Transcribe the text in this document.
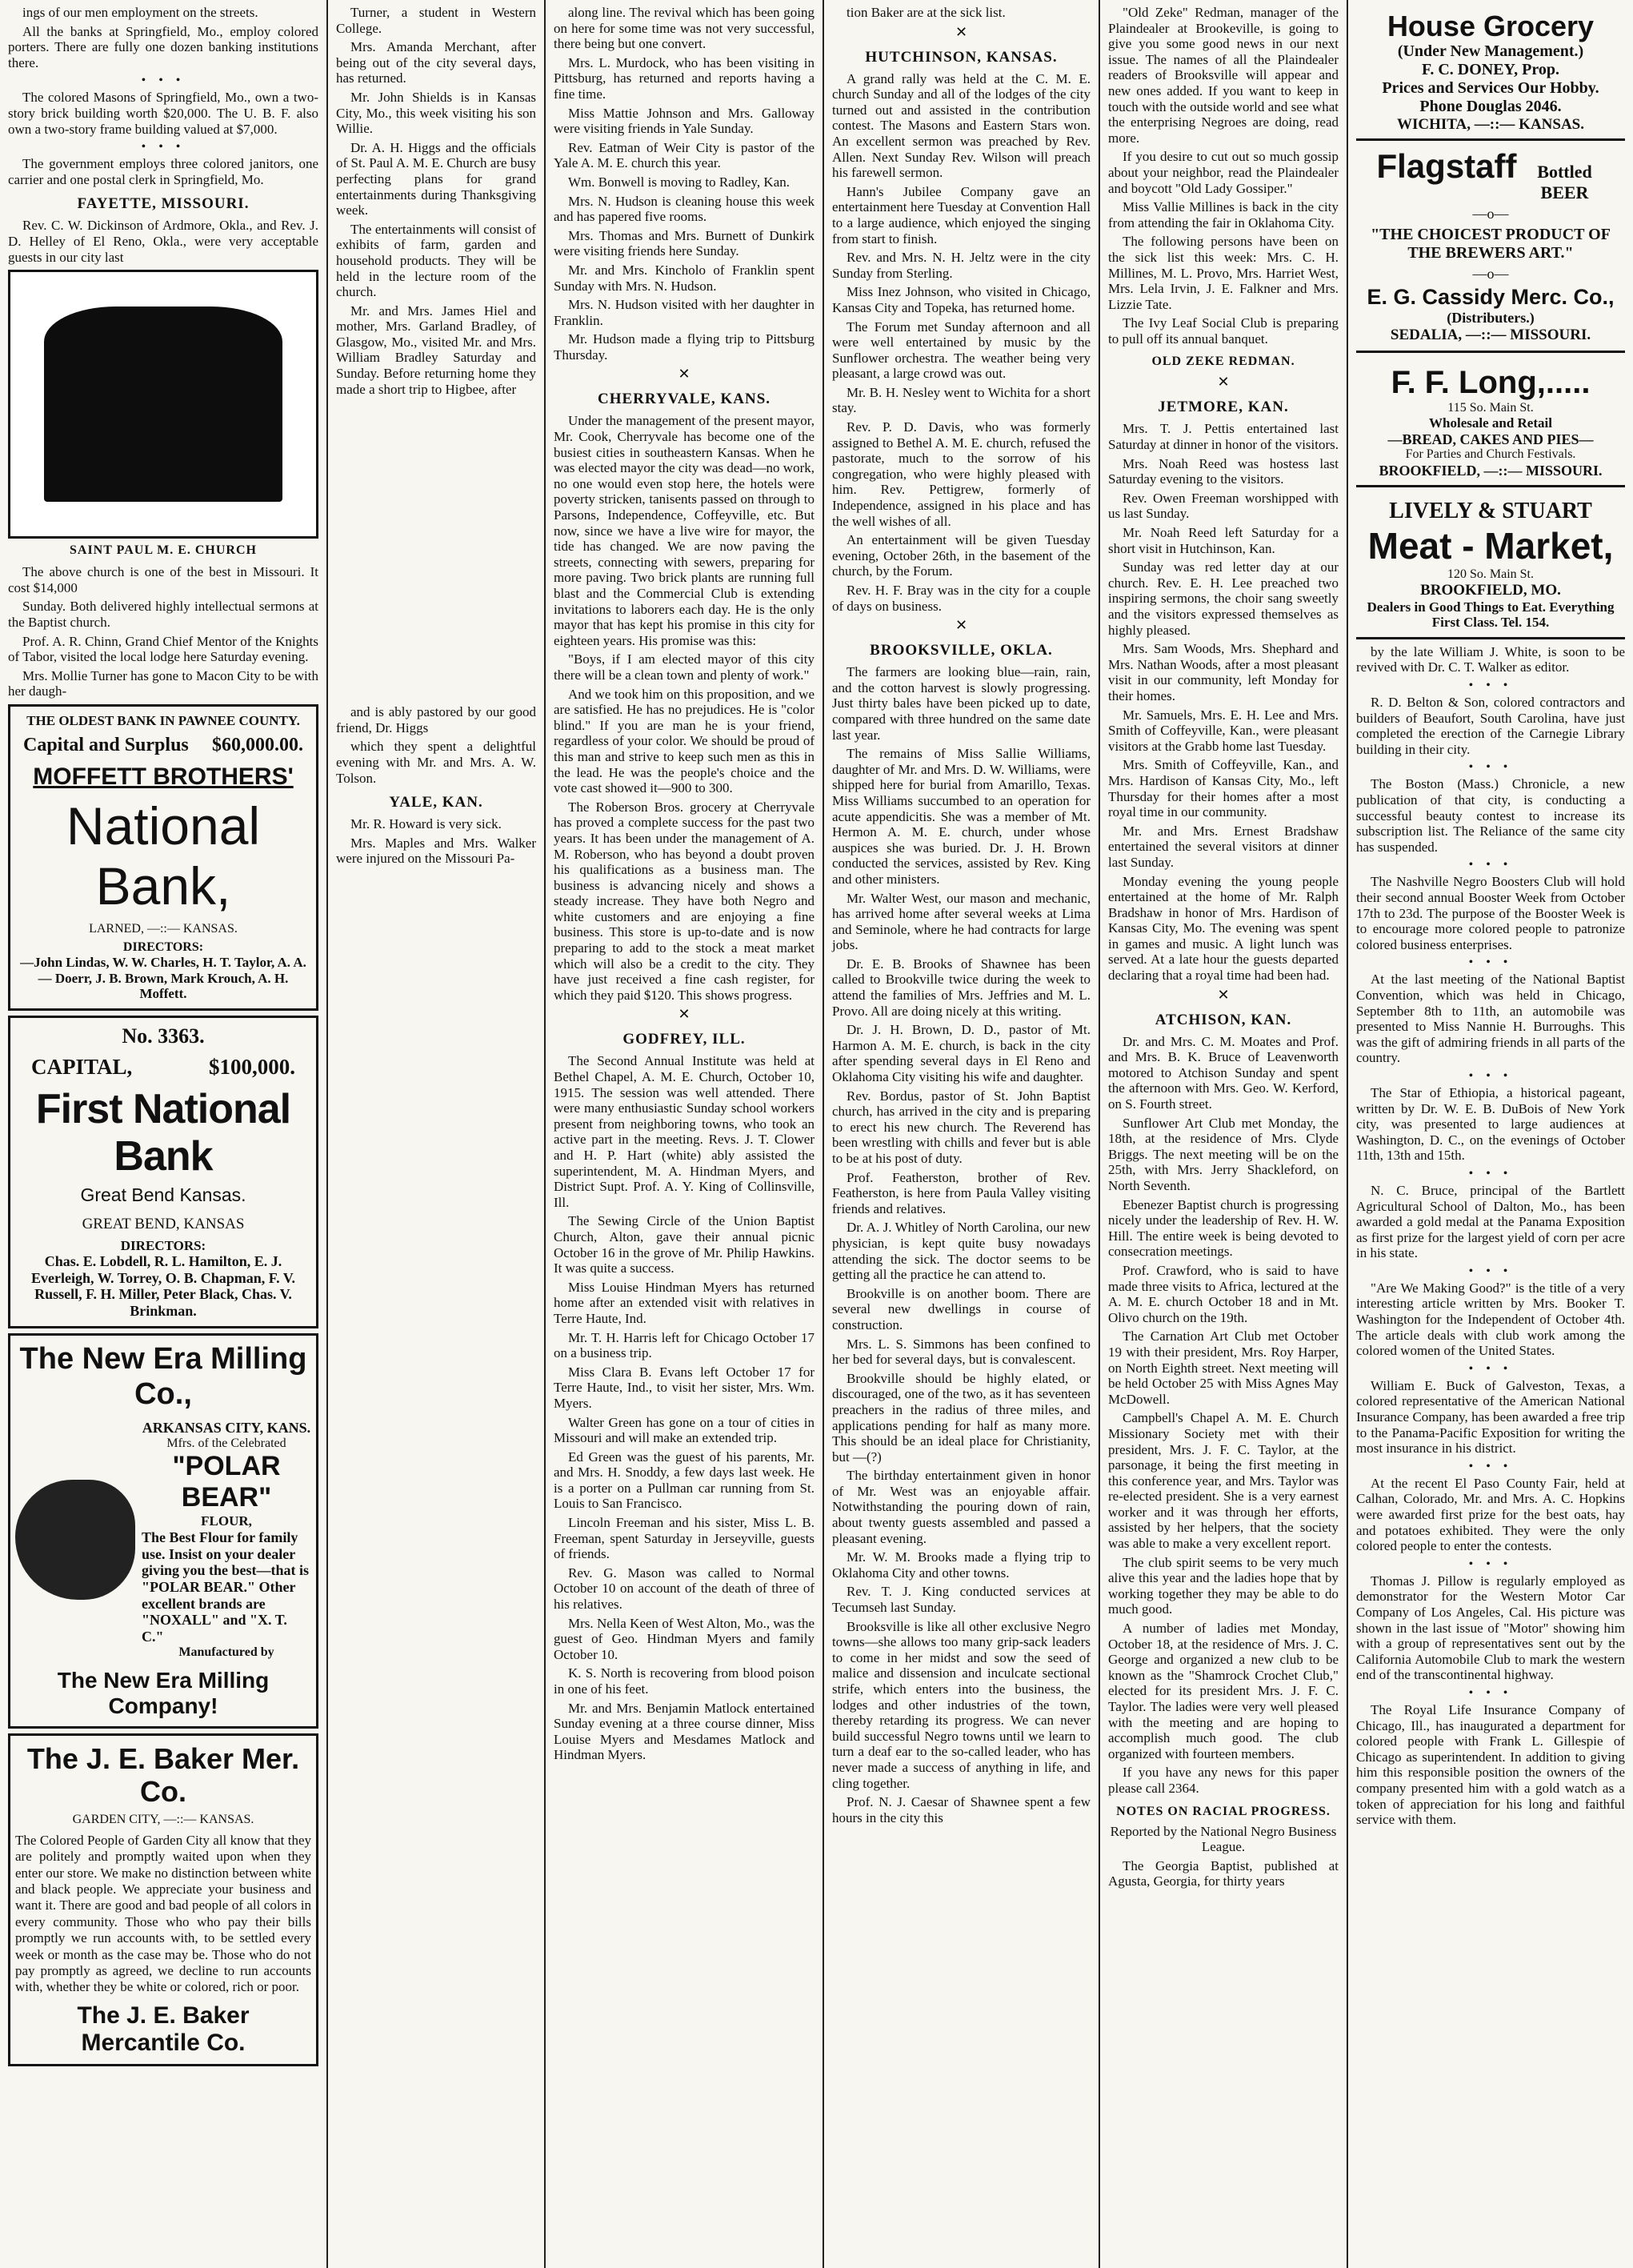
ings of our men employment on the streets.

All the banks at Springfield, Mo., employ colored porters. There are fully one dozen banking institutions there.

• • •

The colored Masons of Springfield, Mo., own a two-story brick building worth $20,000. The U. B. F. also own a two-story frame building valued at $7,000.

• • •

The government employs three colored janitors, one carrier and one postal clerk in Springfield, Mo.

FAYETTE, MISSOURI.

Rev. C. W. Dickinson of Ardmore, Okla., and Rev. J. D. Helley of El Reno, Okla., were very acceptable guests in our city last

SAINT PAUL M. E. CHURCH

The above church is one of the best in Missouri. It cost $14,000

Sunday. Both delivered highly intellectual sermons at the Baptist church.

Prof. A. R. Chinn, Grand Chief Mentor of the Knights of Tabor, visited the local lodge here Saturday evening.

Mrs. Mollie Turner has gone to Macon City to be with her daugh-

THE OLDEST BANK IN PAWNEE COUNTY.
Capital and Surplus $60,000.00.
MOFFETT BROTHERS'
National Bank,
LARNED, —::— KANSAS.
DIRECTORS:
—John Lindas, W. W. Charles, H. T. Taylor, A. A.— Doerr, J. B. Brown, Mark Krouch, A. H. Moffett.
No. 3363.
CAPITAL,	$100,000.
First National Bank
Great Bend Kansas.
GREAT BEND, KANSAS
DIRECTORS:
Chas. E. Lobdell, R. L. Hamilton, E. J. Everleigh, W. Torrey, O. B. Chapman, F. V. Russell, F. H. Miller, Peter Black, Chas. V. Brinkman.
The New Era Milling Co.,
ARKANSAS CITY, KANS.
Mfrs. of the Celebrated
"POLAR BEAR"
FLOUR,
The Best Flour for family use. Insist on your dealer giving you the best—that is "POLAR BEAR." Other excellent brands are "NOXALL" and "X. T. C."
Manufactured by
The New Era Milling Company!
The J. E. Baker Mer. Co.
GARDEN CITY, —::— KANSAS.
The Colored People of Garden City all know that they are politely and promptly waited upon when they enter our store. We make no distinction between white and black people. We appreciate your business and want it. There are good and bad people of all colors in every community. Those who who pay their bills promptly we run accounts with, to be settled every week or month as the case may be. Those who do not pay promptly as agreed, we decline to run accounts with, whether they be white or colored, rich or poor.
The J. E. Baker Mercantile Co.

Turner, a student in Western College.

Mrs. Amanda Merchant, after being out of the city several days, has returned.

Mr. John Shields is in Kansas City, Mo., this week visiting his son Willie.

Dr. A. H. Higgs and the officials of St. Paul A. M. E. Church are busy perfecting plans for grand entertainments during Thanksgiving week.

The entertainments will consist of exhibits of farm, garden and household products. They will be held in the lecture room of the church.

Mr. and Mrs. James Hiel and mother, Mrs. Garland Bradley, of Glasgow, Mo., visited Mr. and Mrs. William Bradley Saturday and Sunday. Before returning home they made a short trip to Higbee, after

and is ably pastored by our good friend, Dr. Higgs

which they spent a delightful evening with Mr. and Mrs. A. W. Tolson.

YALE, KAN.

Mr. R. Howard is very sick.

Mrs. Maples and Mrs. Walker were injured on the Missouri Pa-

along line. The revival which has been going on here for some time was not very successful, there being but one convert.

Mrs. L. Murdock, who has been visiting in Pittsburg, has returned and reports having a fine time.

Miss Mattie Johnson and Mrs. Galloway were visiting friends in Yale Sunday.

Rev. Eatman of Weir City is pastor of the Yale A. M. E. church this year.

Wm. Bonwell is moving to Radley, Kan.

Mrs. N. Hudson is cleaning house this week and has papered five rooms.

Mrs. Thomas and Mrs. Burnett of Dunkirk were visiting friends here Sunday.

Mr. and Mrs. Kincholo of Franklin spent Sunday with Mrs. N. Hudson.

Mrs. N. Hudson visited with her daughter in Franklin.

Mr. Hudson made a flying trip to Pittsburg Thursday.

✕
CHERRYVALE, KANS.

Under the management of the present mayor, Mr. Cook, Cherryvale has become one of the busiest cities in southeastern Kansas. When he was elected mayor the city was dead—no work, no one would even stop here, the hotels were poverty stricken, tanisents passed on through to Parsons, Independence, Coffeyville, etc. But now, since we have a live wire for mayor, the tide has changed. We are now paving the streets, connecting with sewers, preparing for more paving. Two brick plants are running full blast and the Commercial Club is extending invitations to laborers each day. He is the only mayor that has kept his promise in this city for eighteen years. His promise was this:

"Boys, if I am elected mayor of this city there will be a clean town and plenty of work."

And we took him on this proposition, and we are satisfied. He has no prejudices. He is "color blind." If you are man he is your friend, regardless of your color. We should be proud of this man and strive to keep such men as this in the lead. He was the people's choice and the vote cast showed it—900 to 300.

The Roberson Bros. grocery at Cherryvale has proved a complete success for the past two years. It has been under the management of A. M. Roberson, who has beyond a doubt proven his qualifications as a business man. The business is advancing nicely and shows a steady increase. They have both Negro and white customers and are enjoying a fine business. This store is up-to-date and is now preparing to add to the stock a meat market which will also be a credit to the city. They have just received a fine cash register, for which they paid $120. This shows progress.

✕
GODFREY, ILL.

The Second Annual Institute was held at Bethel Chapel, A. M. E. Church, October 10, 1915. The session was well attended. There were many enthusiastic Sunday school workers present from neighboring towns, who took an active part in the meeting. Revs. J. T. Clower and H. P. Hart (white) ably assisted the superintendent, M. A. Hindman Myers, and District Supt. Prof. A. Y. King of Collinsville, Ill.

The Sewing Circle of the Union Baptist Church, Alton, gave their annual picnic October 16 in the grove of Mr. Philip Hawkins. It was quite a success.

Miss Louise Hindman Myers has returned home after an extended visit with relatives in Terre Haute, Ind.

Mr. T. H. Harris left for Chicago October 17 on a business trip.

Miss Clara B. Evans left October 17 for Terre Haute, Ind., to visit her sister, Mrs. Wm. Myers.

Walter Green has gone on a tour of cities in Missouri and will make an extended trip.

Ed Green was the guest of his parents, Mr. and Mrs. H. Snoddy, a few days last week. He is a porter on a Pullman car running from St. Louis to San Francisco.

Lincoln Freeman and his sister, Miss L. B. Freeman, spent Saturday in Jerseyville, guests of friends.

Rev. G. Mason was called to Normal October 10 on account of the death of three of his relatives.

Mrs. Nella Keen of West Alton, Mo., was the guest of Geo. Hindman Myers and family October 10.

K. S. North is recovering from blood poison in one of his feet.

Mr. and Mrs. Benjamin Matlock entertained Sunday evening at a three course dinner, Miss Louise Myers and Mesdames Matlock and Hindman Myers.

tion Baker are at the sick list.

✕
HUTCHINSON, KANSAS.

A grand rally was held at the C. M. E. church Sunday and all of the lodges of the city turned out and assisted in the contribution contest. The Masons and Eastern Stars won. An excellent sermon was preached by Rev. Allen. Next Sunday Rev. Wilson will preach his farewell sermon.

Hann's Jubilee Company gave an entertainment here Tuesday at Convention Hall to a large audience, which enjoyed the singing from start to finish.

Rev. and Mrs. N. H. Jeltz were in the city Sunday from Sterling.

Miss Inez Johnson, who visited in Chicago, Kansas City and Topeka, has returned home.

The Forum met Sunday afternoon and all were well entertained by music by the Sunflower orchestra. The weather being very pleasant, a large crowd was out.

Mr. B. H. Nesley went to Wichita for a short stay.

Rev. P. D. Davis, who was formerly assigned to Bethel A. M. E. church, refused the pastorate, much to the sorrow of his congregation, who were highly pleased with him. Rev. Pettigrew, formerly of Independence, assigned in his place and has the well wishes of all.

An entertainment will be given Tuesday evening, October 26th, in the basement of the church, by the Forum.

Rev. H. F. Bray was in the city for a couple of days on business.

✕
BROOKSVILLE, OKLA.

The farmers are looking blue—rain, rain, and the cotton harvest is slowly progressing. Just thirty bales have been picked up to date, compared with three hundred on the same date last year.

The remains of Miss Sallie Williams, daughter of Mr. and Mrs. D. W. Williams, were shipped here for burial from Amarillo, Texas. Miss Williams succumbed to an operation for acute appendicitis. She was a member of Mt. Hermon A. M. E. church, under whose auspices she was buried. Dr. J. H. Brown conducted the services, assisted by Rev. King and other ministers.

Mr. Walter West, our mason and mechanic, has arrived home after several weeks at Lima and Seminole, where he had contracts for large jobs.

Dr. E. B. Brooks of Shawnee has been called to Brookville twice during the week to attend the families of Mrs. Jeffries and M. L. Provo. All are doing nicely at this writing.

Dr. J. H. Brown, D. D., pastor of Mt. Harmon A. M. E. church, is back in the city after spending several days in El Reno and Oklahoma City visiting his wife and daughter.

Rev. Bordus, pastor of St. John Baptist church, has arrived in the city and is preparing to erect his new church. The Reverend has been wrestling with chills and fever but is able to be at his post of duty.

Prof. Featherston, brother of Rev. Featherston, is here from Paula Valley visiting friends and relatives.

Dr. A. J. Whitley of North Carolina, our new physician, is kept quite busy nowadays attending the sick. The doctor seems to be getting all the practice he can attend to.

Brookville is on another boom. There are several new dwellings in course of construction.

Mrs. L. S. Simmons has been confined to her bed for several days, but is convalescent.

Brookville should be highly elated, or discouraged, one of the two, as it has seventeen preachers in the radius of three miles, and applications pending for half as many more. This should be an ideal place for Christianity, but —(?)

The birthday entertainment given in honor of Mr. West was an enjoyable affair. Notwithstanding the pouring down of rain, about twenty guests assembled and passed a pleasant evening.

Mr. W. M. Brooks made a flying trip to Oklahoma City and other towns.

Rev. T. J. King conducted services at Tecumseh last Sunday.

Brooksville is like all other exclusive Negro towns—she allows too many grip-sack leaders to come in her midst and sow the seed of malice and dissension and inculcate sectional strife, which enters into the business, the lodges and other industries of the town, thereby retarding its progress. We can never build successful Negro towns until we learn to turn a deaf ear to the so-called leader, who has never made a success of anything in life, and cling together.

Prof. N. J. Caesar of Shawnee spent a few hours in the city this

"Old Zeke" Redman, manager of the Plaindealer at Brookeville, is going to give you some good news in our next issue. The names of all the Plaindealer readers of Brooksville will appear and new ones added. If you want to keep in touch with the outside world and see what the enterprising Negroes are doing, read more.

If you desire to cut out so much gossip about your neighbor, read the Plaindealer and boycott "Old Lady Gossiper."

Miss Vallie Millines is back in the city from attending the fair in Oklahoma City.

The following persons have been on the sick list this week: Mrs. C. H. Millines, M. L. Provo, Mrs. Harriet West, Mrs. Lela Irvin, J. E. Falkner and Mrs. Lizzie Tate.

The Ivy Leaf Social Club is preparing to pull off its annual banquet.

OLD ZEKE REDMAN.
✕
JETMORE, KAN.

Mrs. T. J. Pettis entertained last Saturday at dinner in honor of the visitors.

Mrs. Noah Reed was hostess last Saturday evening to the visitors.

Rev. Owen Freeman worshipped with us last Sunday.

Mr. Noah Reed left Saturday for a short visit in Hutchinson, Kan.

Sunday was red letter day at our church. Rev. E. H. Lee preached two inspiring sermons, the choir sang sweetly and the visitors expressed themselves as highly pleased.

Mrs. Sam Woods, Mrs. Shephard and Mrs. Nathan Woods, after a most pleasant visit in our community, left Monday for their homes.

Mr. Samuels, Mrs. E. H. Lee and Mrs. Smith of Coffeyville, Kan., were pleasant visitors at the Grabb home last Tuesday.

Mrs. Smith of Coffeyville, Kan., and Mrs. Hardison of Kansas City, Mo., left Thursday for their homes after a most royal time in our community.

Mr. and Mrs. Ernest Bradshaw entertained the several visitors at dinner last Sunday.

Monday evening the young people entertained at the home of Mr. Ralph Bradshaw in honor of Mrs. Hardison of Kansas City, Mo. The evening was spent in games and music. A light lunch was served. At a late hour the guests departed declaring that a royal time had been had.

✕
ATCHISON, KAN.

Dr. and Mrs. C. M. Moates and Prof. and Mrs. B. K. Bruce of Leavenworth motored to Atchison Sunday and spent the afternoon with Mrs. Geo. W. Kerford, on S. Fourth street.

Sunflower Art Club met Monday, the 18th, at the residence of Mrs. Clyde Briggs. The next meeting will be on the 25th, with Mrs. Jerry Shackleford, on North Seventh.

Ebenezer Baptist church is progressing nicely under the leadership of Rev. H. W. Hill. The entire week is being devoted to consecration meetings.

Prof. Crawford, who is said to have made three visits to Africa, lectured at the A. M. E. church October 18 and in Mt. Olivo church on the 19th.

The Carnation Art Club met October 19 with their president, Mrs. Roy Harper, on North Eighth street. Next meeting will be held October 25 with Miss Agnes May McDowell.

Campbell's Chapel A. M. E. Church Missionary Society met with their president, Mrs. J. F. C. Taylor, at the parsonage, it being the first meeting in this conference year, and Mrs. Taylor was re-elected president. She is a very earnest worker and it was through her efforts, assisted by her helpers, that the society was able to make a very excellent report.

The club spirit seems to be very much alive this year and the ladies hope that by working together they may be able to do much good.

A number of ladies met Monday, October 18, at the residence of Mrs. J. C. George and organized a new club to be known as the "Shamrock Crochet Club," elected for its president Mrs. J. F. C. Taylor. The ladies were very well pleased with the meeting and are hoping to accomplish much good. The club organized with fourteen members.

If you have any news for this paper please call 2364.

NOTES ON RACIAL PROGRESS.

Reported by the National Negro Business League.

The Georgia Baptist, published at Agusta, Georgia, for thirty years

House Grocery
(Under New Management.)
F. C. DONEY, Prop.
Prices and Services Our Hobby.
Phone Douglas 2046.
WICHITA, —::— KANSAS.
Flagstaff	Bottled BEER
—o—
"THE CHOICEST PRODUCT OF THE BREWERS ART."
—o—
E. G. Cassidy Merc. Co.,
(Distributers.)
SEDALIA, —::— MISSOURI.
F. F. Long,.....
115 So. Main St.
Wholesale and Retail
—BREAD, CAKES AND PIES—
For Parties and Church Festivals.
BROOKFIELD, —::— MISSOURI.
LIVELY & STUART
Meat - Market,
120 So. Main St.
BROOKFIELD, MO.
Dealers in Good Things to Eat. Everything First Class. Tel. 154.

by the late William J. White, is soon to be revived with Dr. C. T. Walker as editor.

• • •

R. D. Belton & Son, colored contractors and builders of Beaufort, South Carolina, have just completed the erection of the Carnegie Library building in their city.

• • •

The Boston (Mass.) Chronicle, a new publication of that city, is conducting a successful beauty contest to increase its subscription list. The Reliance of the same city has suspended.

• • •

The Nashville Negro Boosters Club will hold their second annual Booster Week from October 17th to 23d. The purpose of the Booster Week is to encourage more colored people to patronize colored business enterprises.

• • •

At the last meeting of the National Baptist Convention, which was held in Chicago, September 8th to 11th, an automobile was presented to Miss Nannie H. Burroughs. This was the gift of admiring friends in all parts of the country.

• • •

The Star of Ethiopia, a historical pageant, written by Dr. W. E. B. DuBois of New York city, was presented to large audiences at Washington, D. C., on the evenings of October 11th, 13th and 15th.

• • •

N. C. Bruce, principal of the Bartlett Agricultural School of Dalton, Mo., has been awarded a gold medal at the Panama Exposition as first prize for the largest yield of corn per acre in his state.

• • •

"Are We Making Good?" is the title of a very interesting article written by Mrs. Booker T. Washington for the Independent of October 4th. The article deals with club work among the colored women of the United States.

• • •

William E. Buck of Galveston, Texas, a colored representative of the American National Insurance Company, has been awarded a free trip to the Panama-Pacific Exposition for writing the most insurance in his district.

• • •

At the recent El Paso County Fair, held at Calhan, Colorado, Mr. and Mrs. A. C. Hopkins were awarded first prize for the best oats, hay and potatoes exhibited. They were the only colored people to enter the contests.

• • •

Thomas J. Pillow is regularly employed as demonstrator for the Western Motor Car Company of Los Angeles, Cal. His picture was shown in the last issue of "Motor" showing him with a group of representatives sent out by the California Automobile Club to mark the western end of the transcontinental highway.

• • •

The Royal Life Insurance Company of Chicago, Ill., has inaugurated a department for colored people with Frank L. Gillespie of Chicago as superintendent. In addition to giving him this responsible position the owners of the company presented him with a gold watch as a token of appreciation for his long and faithful service with them.
